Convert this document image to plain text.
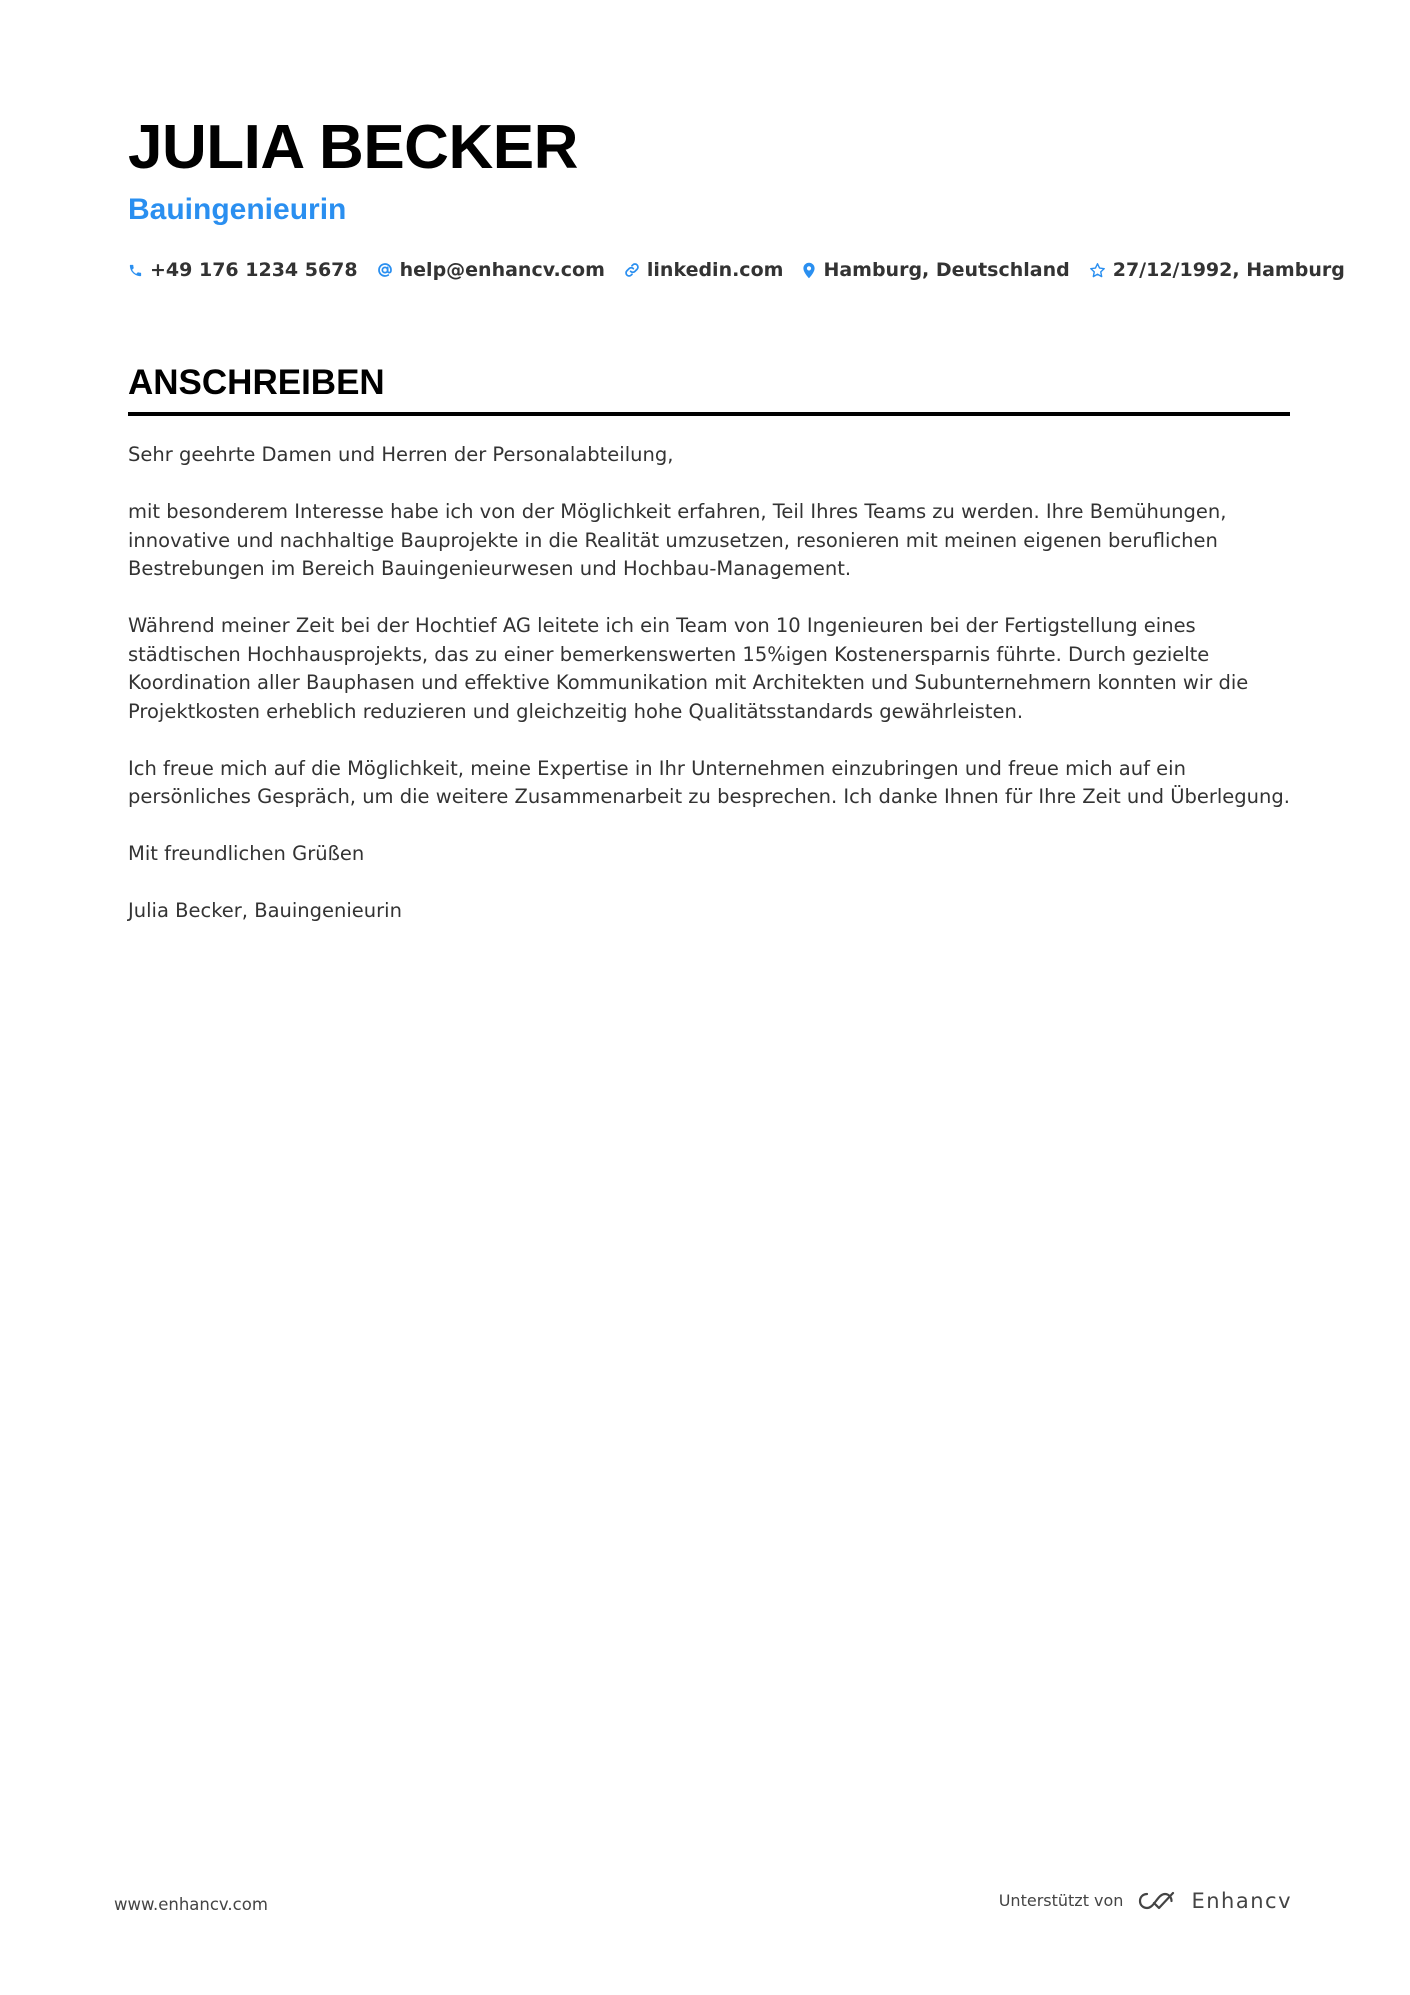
JULIA BECKER
Bauingenieurin
+49 176 1234 5678 help@enhancv.com linkedin.com Hamburg, Deutschland 27/12/1992, Hamburg
ANSCHREIBEN

Sehr geehrte Damen und Herren der Personalabteilung,

mit besonderem Interesse habe ich von der Möglichkeit erfahren, Teil Ihres Teams zu werden. Ihre Bemühungen, innovative und nachhaltige Bauprojekte in die Realität umzusetzen, resonieren mit meinen eigenen beruflichen Bestrebungen im Bereich Bauingenieurwesen und Hochbau-Management.

Während meiner Zeit bei der Hochtief AG leitete ich ein Team von 10 Ingenieuren bei der Fertigstellung eines städtischen Hochhausprojekts, das zu einer bemerkenswerten 15%igen Kostenersparnis führte. Durch gezielte Koordination aller Bauphasen und effektive Kommunikation mit Architekten und Subunternehmern konnten wir die Projektkosten erheblich reduzieren und gleichzeitig hohe Qualitätsstandards gewährleisten.

Ich freue mich auf die Möglichkeit, meine Expertise in Ihr Unternehmen einzubringen und freue mich auf ein persönliches Gespräch, um die weitere Zusammenarbeit zu besprechen. Ich danke Ihnen für Ihre Zeit und Überlegung.

Mit freundlichen Grüßen

Julia Becker, Bauingenieurin

www.enhancv.com	Unterstützt von	Enhancv
